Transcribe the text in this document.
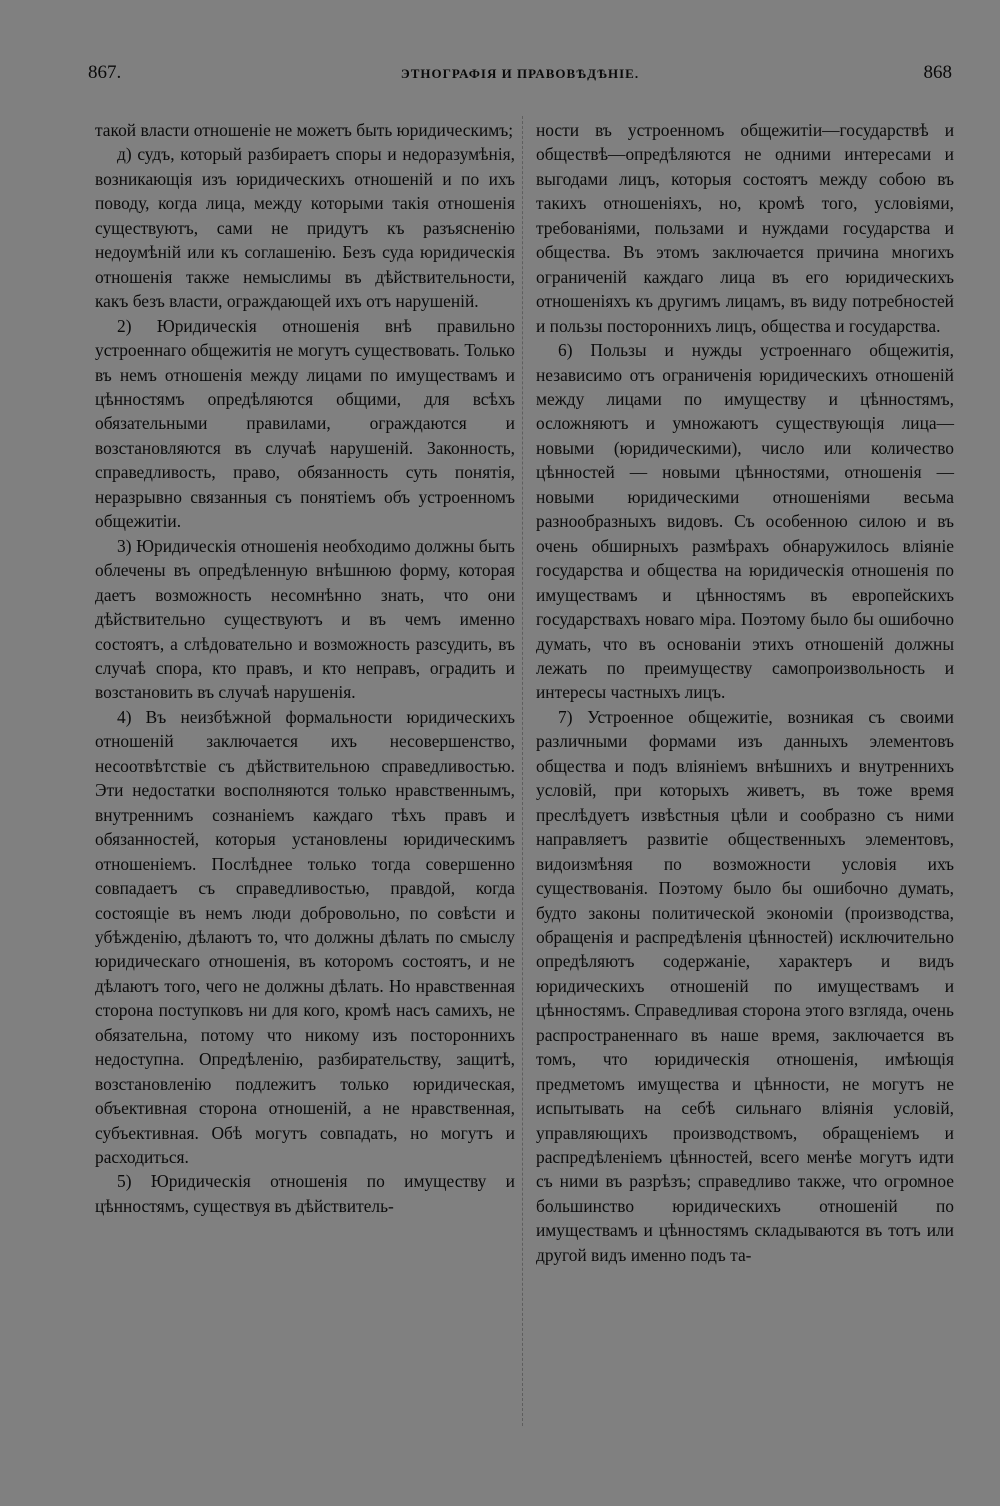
867.	ЭТНОГРАФІЯ И ПРАВОВѢДѢНІЕ.	868

такой власти отношеніе не можетъ быть юридическимъ;

д) судъ, который разбираетъ споры и недоразумѣнія, возникающія изъ юридическихъ отношеній и по ихъ поводу, когда лица, между которыми такія отношенія существуютъ, сами не придутъ къ разъясненію недоумѣній или къ соглашенію. Безъ суда юридическія отношенія также немыслимы въ дѣйствительности, какъ безъ власти, ограждающей ихъ отъ нарушеній.

2) Юридическія отношенія внѣ правильно устроеннаго общежитія не могутъ существовать. Только въ немъ отношенія между лицами по имуществамъ и цѣнностямъ опредѣляются общими, для всѣхъ обязательными правилами, ограждаются и возстановляются въ случаѣ нарушеній. Законность, справедливость, право, обязанность суть понятія, неразрывно связанныя съ понятіемъ объ устроенномъ общежитіи.

3) Юридическія отношенія необходимо должны быть облечены въ опредѣленную внѣшнюю форму, которая даетъ возможность несомнѣнно знать, что они дѣйствительно существуютъ и въ чемъ именно состоятъ, а слѣдовательно и возможность разсудить, въ случаѣ спора, кто правъ, и кто неправъ, оградить и возстановить въ случаѣ нарушенія.

4) Въ неизбѣжной формальности юридическихъ отношеній заключается ихъ несовершенство, несоотвѣтствіе съ дѣйствительною справедливостью. Эти недостатки восполняются только нравственнымъ, внутреннимъ сознаніемъ каждаго тѣхъ правъ и обязанностей, которыя установлены юридическимъ отношеніемъ. Послѣднее только тогда совершенно совпадаетъ съ справедливостью, правдой, когда состоящіе въ немъ люди добровольно, по совѣсти и убѣжденію, дѣлаютъ то, что должны дѣлать по смыслу юридическаго отношенія, въ которомъ состоятъ, и не дѣлаютъ того, чего не должны дѣлать. Но нравственная сторона поступковъ ни для кого, кромѣ насъ самихъ, не обязательна, потому что никому изъ постороннихъ недоступна. Опредѣленію, разбирательству, защитѣ, возстановленію подлежитъ только юридическая, объективная сторона отношеній, а не нравственная, субъективная. Обѣ могутъ совпадать, но могутъ и расходиться.

5) Юридическія отношенія по имуществу и цѣнностямъ, существуя въ дѣйствитель-

ности въ устроенномъ общежитіи—государствѣ и обществѣ—опредѣляются не одними интересами и выгодами лицъ, которыя состоятъ между собою въ такихъ отношеніяхъ, но, кромѣ того, условіями, требованіями, пользами и нуждами государства и общества. Въ этомъ заключается причина многихъ ограниченій каждаго лица въ его юридическихъ отношеніяхъ къ другимъ лицамъ, въ виду потребностей и пользы постороннихъ лицъ, общества и государства.

6) Пользы и нужды устроеннаго общежитія, независимо отъ ограниченія юридическихъ отношеній между лицами по имуществу и цѣнностямъ, осложняютъ и умножаютъ существующія лица—новыми (юридическими), число или количество цѣнностей — новыми цѣнностями, отношенія — новыми юридическими отношеніями весьма разнообразныхъ видовъ. Съ особенною силою и въ очень обширныхъ размѣрахъ обнаружилось вліяніе государства и общества на юридическія отношенія по имуществамъ и цѣнностямъ въ европейскихъ государствахъ новаго міра. Поэтому было бы ошибочно думать, что въ основаніи этихъ отношеній должны лежать по преимуществу самопроизвольность и интересы частныхъ лицъ.

7) Устроенное общежитіе, возникая съ своими различными формами изъ данныхъ элементовъ общества и подъ вліяніемъ внѣшнихъ и внутреннихъ условій, при которыхъ живетъ, въ тоже время преслѣдуетъ извѣстныя цѣли и сообразно съ ними направляетъ развитіе общественныхъ элементовъ, видоизмѣняя по возможности условія ихъ существованія. Поэтому было бы ошибочно думать, будто законы политической экономіи (производства, обращенія и распредѣленія цѣнностей) исключительно опредѣляютъ содержаніе, характеръ и видъ юридическихъ отношеній по имуществамъ и цѣнностямъ. Справедливая сторона этого взгляда, очень распространеннаго въ наше время, заключается въ томъ, что юридическія отношенія, имѣющія предметомъ имущества и цѣнности, не могутъ не испытывать на себѣ сильнаго вліянія условій, управляющихъ производствомъ, обращеніемъ и распредѣленіемъ цѣнностей, всего менѣе могутъ идти съ ними въ разрѣзъ; справедливо также, что огромное большинство юридическихъ отношеній по имуществамъ и цѣнностямъ складываются въ тотъ или другой видъ именно подъ та-
